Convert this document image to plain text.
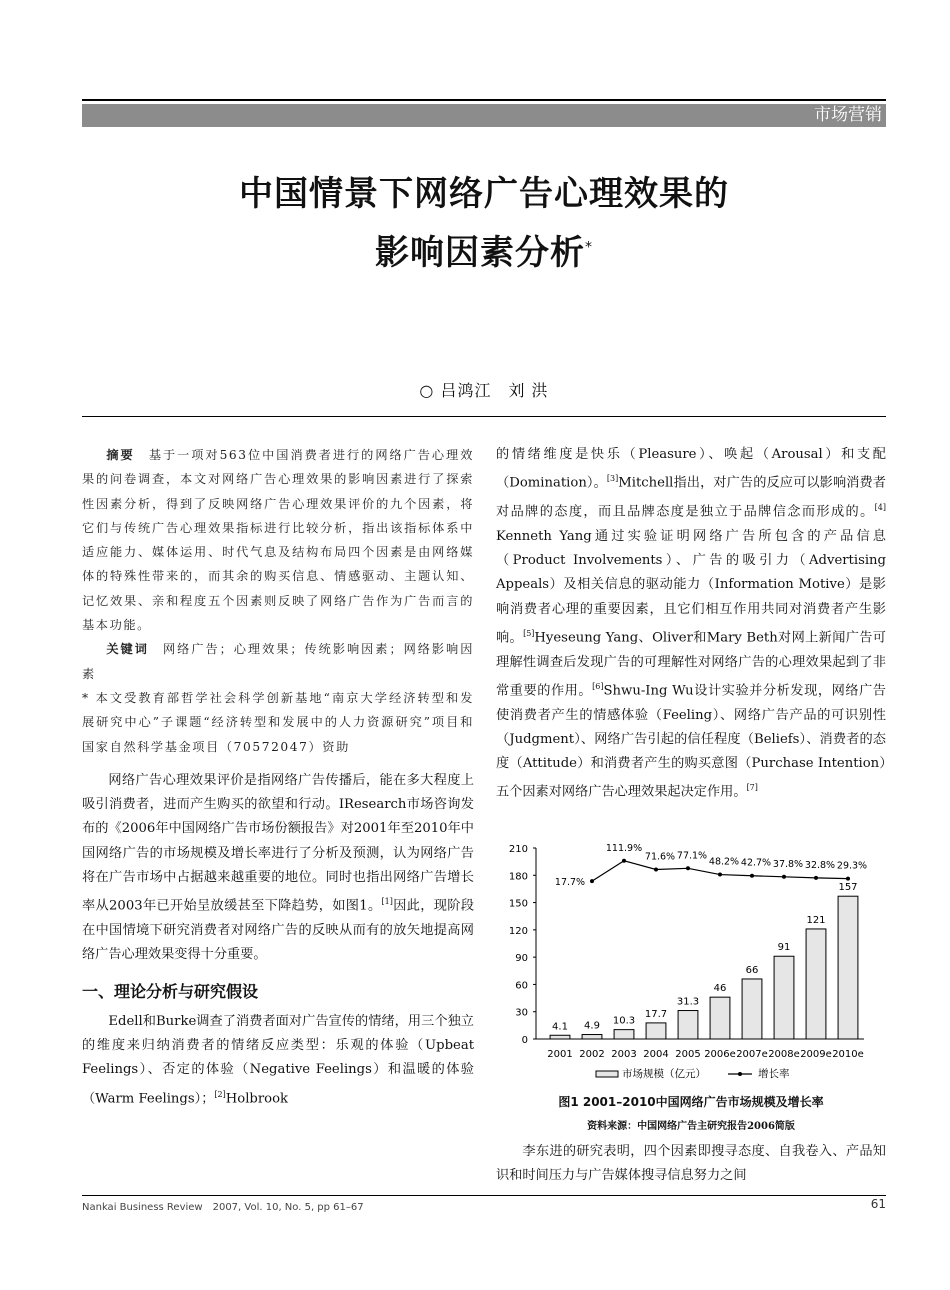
市场营销
中国情景下网络广告心理效果的
影响因素分析*
○ 吕鸿江　刘 洪

摘要　 基于一项对563位中国消费者进行的网络广告心理效果的问卷调查，本文对网络广告心理效果的影响因素进行了探索性因素分析，得到了反映网络广告心理效果评价的九个因素，将它们与传统广告心理效果指标进行比较分析，指出该指标体系中适应能力、媒体运用、时代气息及结构布局四个因素是由网络媒体的特殊性带来的，而其余的购买信息、情感驱动、主题认知、记忆效果、亲和程度五个因素则反映了网络广告作为广告而言的基本功能。

关键词　 网络广告；心理效果；传统影响因素；网络影响因素

* 本文受教育部哲学社会科学创新基地“南京大学经济转型和发展研究中心”子课题“经济转型和发展中的人力资源研究”项目和国家自然科学基金项目（70572047）资助

网络广告心理效果评价是指网络广告传播后，能在多大程度上吸引消费者，进而产生购买的欲望和行动。IResearch市场咨询发布的《2006年中国网络广告市场份额报告》对2001年至2010年中国网络广告的市场规模及增长率进行了分析及预测，认为网络广告将在广告市场中占据越来越重要的地位。同时也指出网络广告增长率从2003年已开始呈放缓甚至下降趋势，如图1。[1]因此，现阶段在中国情境下研究消费者对网络广告的反映从而有的放矢地提高网络广告心理效果变得十分重要。

一、理论分析与研究假设

Edell和Burke调查了消费者面对广告宣传的情绪，用三个独立的维度来归纳消费者的情绪反应类型：乐观的体验（Upbeat Feelings）、否定的体验（Negative Feelings）和温暖的体验（Warm Feelings）；[2]Holbrook

的情绪维度是快乐（Pleasure）、唤起（Arousal）和支配（Domination）。[3]Mitchell指出，对广告的反应可以影响消费者对品牌的态度，而且品牌态度是独立于品牌信念而形成的。[4] Kenneth Yang通过实验证明网络广告所包含的产品信息（Product Involvements）、广告的吸引力（Advertising Appeals）及相关信息的驱动能力（Information Motive）是影响消费者心理的重要因素，且它们相互作用共同对消费者产生影响。[5]Hyeseung Yang、Oliver和Mary Beth对网上新闻广告可理解性调查后发现广告的可理解性对网络广告的心理效果起到了非常重要的作用。[6]Shwu-Ing Wu设计实验并分析发现，网络广告使消费者产生的情感体验（Feeling）、网络广告产品的可识别性（Judgment）、网络广告引起的信任程度（Beliefs）、消费者的态度（Attitude）和消费者产生的购买意图（Purchase Intention）五个因素对网络广告心理效果起决定作用。[7]

0
30
60
90
120
150
180
210
2001 2002 2003 2004 2005 2006e 2007e 2008e 2009e 2010e
4.1 4.9 10.3
17.7
31.3
46
66
91
121
157
17.7%
111.9%
71.6% 77.1%
48.2% 42.7% 37.8% 32.8% 29.3%
市场规模（亿元）	增长率
图1 2001–2010中国网络广告市场规模及增长率
资料来源：中国网络广告主研究报告2006简版

李东进的研究表明，四个因素即搜寻态度、自我卷入、产品知识和时间压力与广告媒体搜寻信息努力之间

Nankai Business Review　2007, Vol. 10, No. 5, pp 61–67	61
